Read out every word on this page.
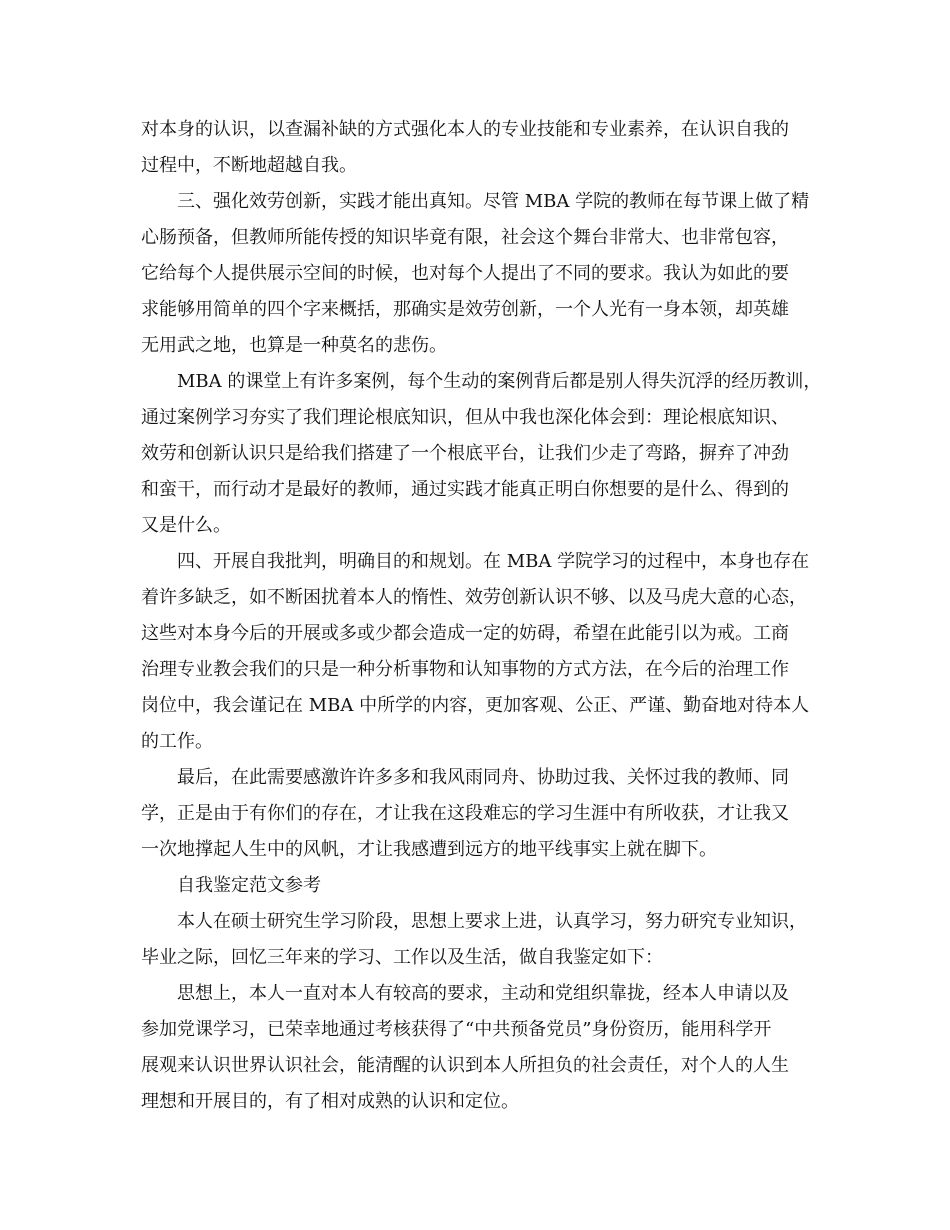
对本身的认识，以查漏补缺的方式强化本人的专业技能和专业素养，在认识自我的
过程中，不断地超越自我。
三、强化效劳创新，实践才能出真知。尽管 MBA 学院的教师在每节课上做了精
心肠预备，但教师所能传授的知识毕竟有限，社会这个舞台非常大、也非常包容，
它给每个人提供展示空间的时候，也对每个人提出了不同的要求。我认为如此的要
求能够用简单的四个字来概括，那确实是效劳创新，一个人光有一身本领，却英雄
无用武之地，也算是一种莫名的悲伤。
MBA 的课堂上有许多案例，每个生动的案例背后都是别人得失沉浮的经历教训，
通过案例学习夯实了我们理论根底知识，但从中我也深化体会到：理论根底知识、
效劳和创新认识只是给我们搭建了一个根底平台，让我们少走了弯路，摒弃了冲劲
和蛮干，而行动才是最好的教师，通过实践才能真正明白你想要的是什么、得到的
又是什么。
四、开展自我批判，明确目的和规划。在 MBA 学院学习的过程中，本身也存在
着许多缺乏，如不断困扰着本人的惰性、效劳创新认识不够、以及马虎大意的心态，
这些对本身今后的开展或多或少都会造成一定的妨碍，希望在此能引以为戒。工商
治理专业教会我们的只是一种分析事物和认知事物的方式方法，在今后的治理工作
岗位中，我会谨记在 MBA 中所学的内容，更加客观、公正、严谨、勤奋地对待本人
的工作。
最后，在此需要感激许许多多和我风雨同舟、协助过我、关怀过我的教师、同
学，正是由于有你们的存在，才让我在这段难忘的学习生涯中有所收获，才让我又
一次地撑起人生中的风帆，才让我感遭到远方的地平线事实上就在脚下。
自我鉴定范文参考
本人在硕士研究生学习阶段，思想上要求上进，认真学习，努力研究专业知识，
毕业之际，回忆三年来的学习、工作以及生活，做自我鉴定如下：
思想上，本人一直对本人有较高的要求，主动和党组织靠拢，经本人申请以及
参加党课学习，已荣幸地通过考核获得了“中共预备党员”身份资历，能用科学开
展观来认识世界认识社会，能清醒的认识到本人所担负的社会责任，对个人的人生
理想和开展目的，有了相对成熟的认识和定位。
